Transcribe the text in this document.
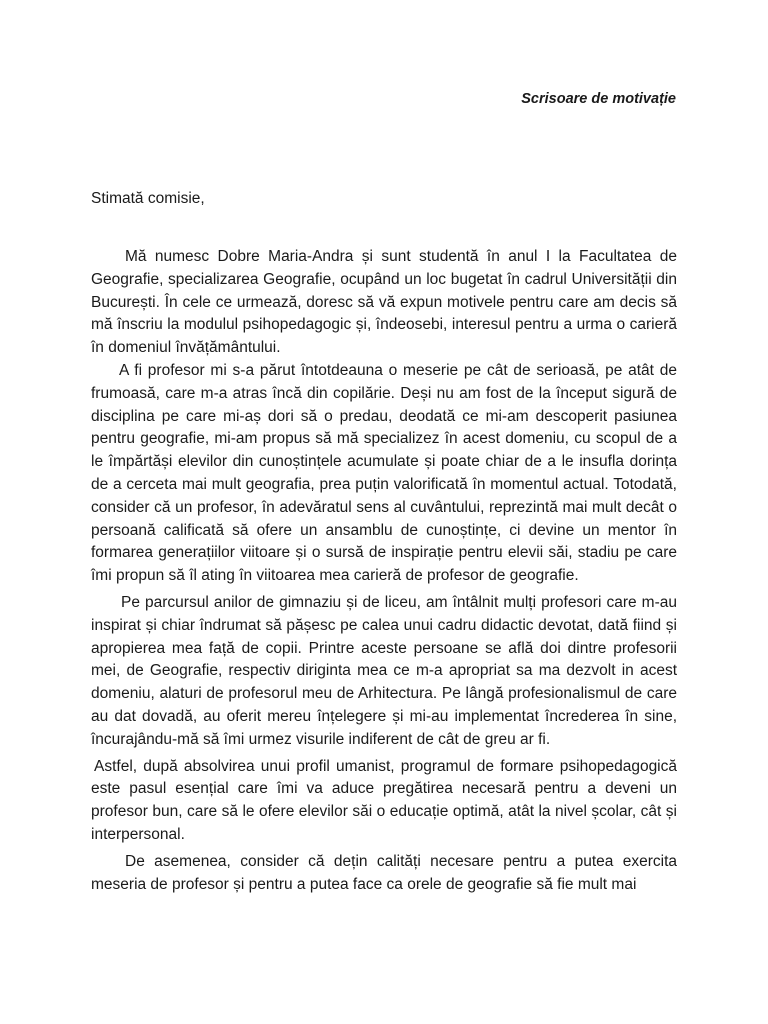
Scrisoare de motivație

Stimată comisie,

Mă numesc Dobre Maria-Andra și sunt studentă în anul I la Facultatea de Geografie, specializarea Geografie, ocupând un loc bugetat în cadrul Universității din București. În cele ce urmează, doresc să vă expun motivele pentru care am decis să mă înscriu la modulul psihopedagogic și, îndeosebi, interesul pentru a urma o carieră în domeniul învățământului.

A fi profesor mi s-a părut întotdeauna o meserie pe cât de serioasă, pe atât de frumoasă, care m-a atras încă din copilărie. Deși nu am fost de la început sigură de disciplina pe care mi-aș dori să o predau, deodată ce mi-am descoperit pasiunea pentru geografie, mi-am propus să mă specializez în acest domeniu, cu scopul de a le împărtăși elevilor din cunoștințele acumulate și poate chiar de a le insufla dorința de a cerceta mai mult geografia, prea puțin valorificată în momentul actual. Totodată, consider că un profesor, în adevăratul sens al cuvântului, reprezintă mai mult decât o persoană calificată să ofere un ansamblu de cunoștințe, ci devine un mentor în formarea generațiilor viitoare și o sursă de inspirație pentru elevii săi, stadiu pe care îmi propun să îl ating în viitoarea mea carieră de profesor de geografie.

Pe parcursul anilor de gimnaziu și de liceu, am întâlnit mulți profesori care m-au inspirat și chiar îndrumat să pășesc pe calea unui cadru didactic devotat, dată fiind și apropierea mea față de copii. Printre aceste persoane se află doi dintre profesorii mei, de Geografie, respectiv diriginta mea ce m-a apropriat sa ma dezvolt in acest domeniu, alaturi de profesorul meu de Arhitectura. Pe lângă profesionalismul de care au dat dovadă, au oferit mereu înțelegere și mi-au implementat încrederea în sine, încurajându-mă să îmi urmez visurile indiferent de cât de greu ar fi.

Astfel, după absolvirea unui profil umanist, programul de formare psihopedagogică este pasul esențial care îmi va aduce pregătirea necesară pentru a deveni un profesor bun, care să le ofere elevilor săi o educație optimă, atât la nivel școlar, cât și interpersonal.

De asemenea, consider că dețin calități necesare pentru a putea exercita meseria de profesor și pentru a putea face ca orele de geografie să fie mult mai
